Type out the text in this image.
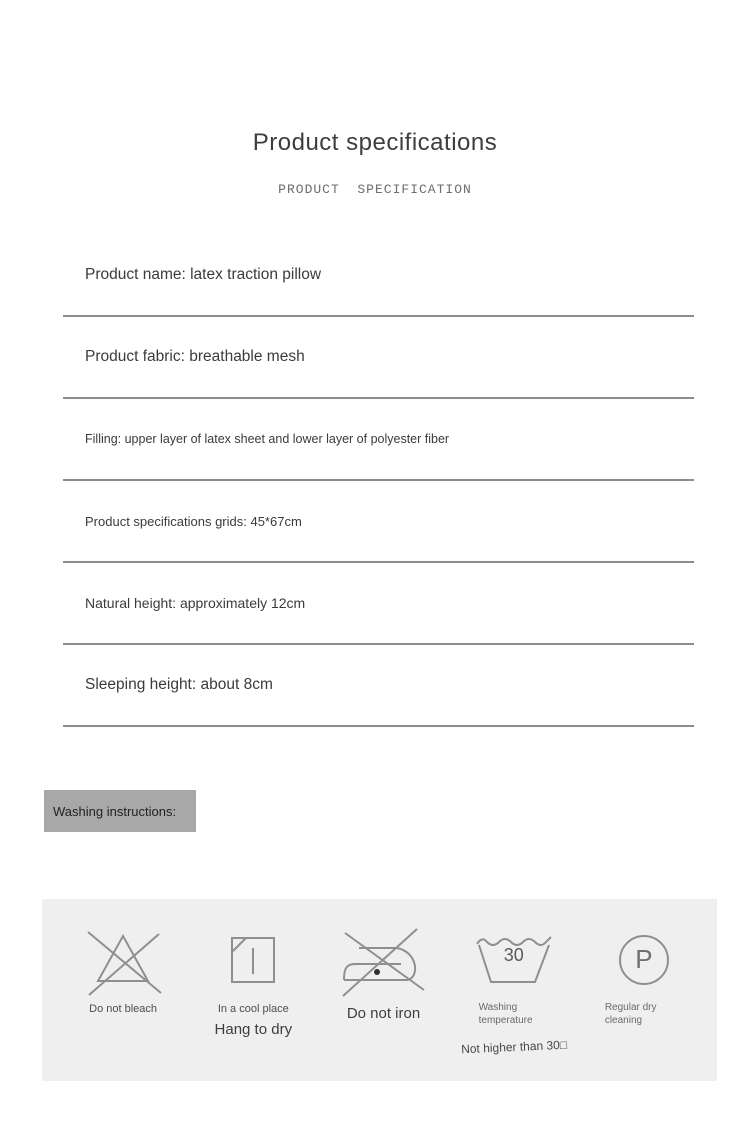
Product specifications
PRODUCT  SPECIFICATION
Product name: latex traction pillow
Product fabric: breathable mesh
Filling: upper layer of latex sheet and lower layer of polyester fiber
Product specifications grids: 45*67cm
Natural height: approximately 12cm
Sleeping height: about 8cm
Washing instructions:
Do not bleach	In a cool place
Hang to dry
Do not iron
30
Washing
temperature
Not higher than 30□
P
Regular dry
cleaning
